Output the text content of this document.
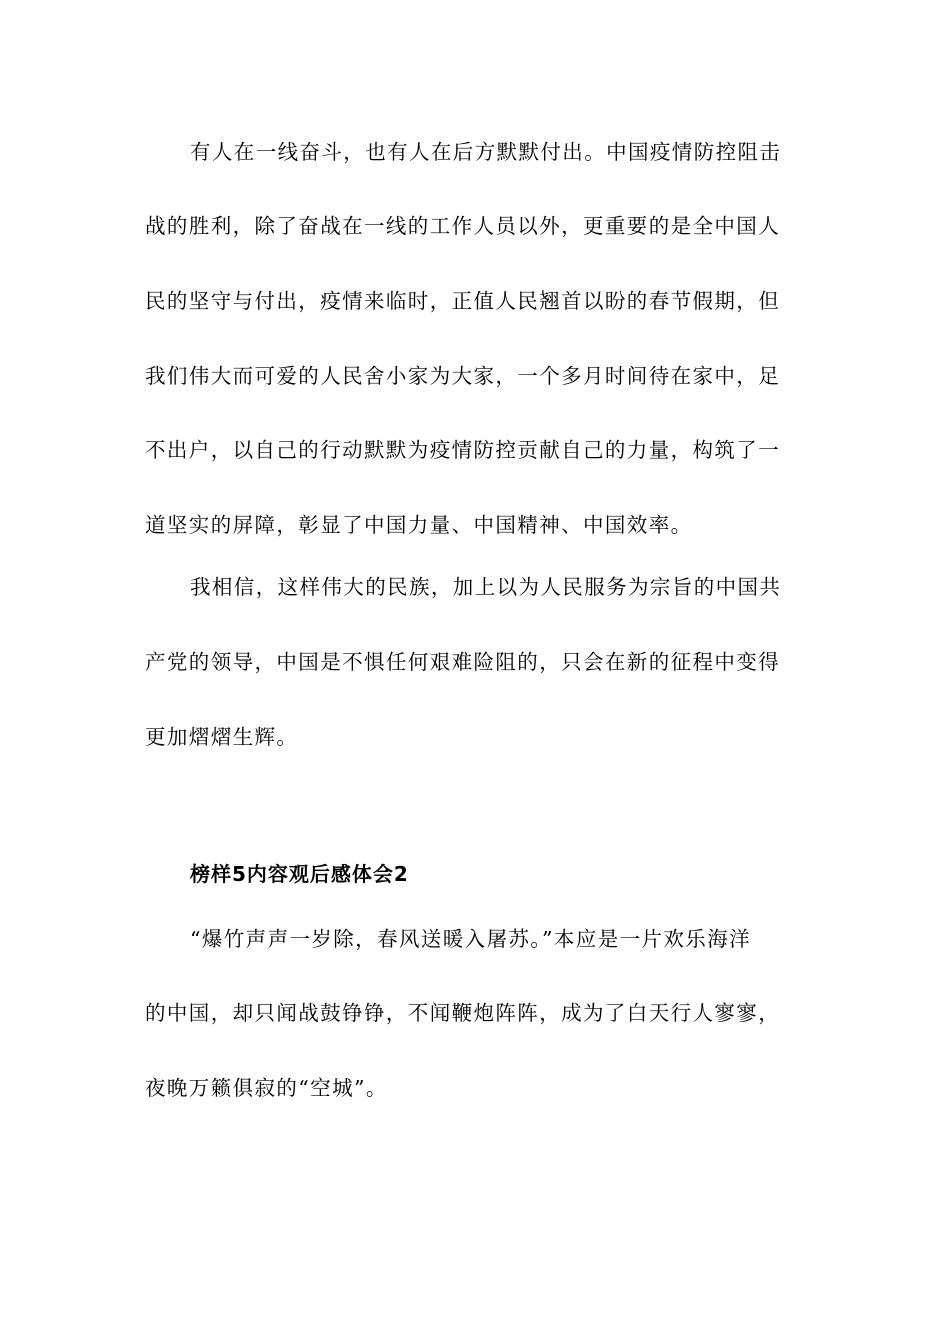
有人在一线奋斗，也有人在后方默默付出。中国疫情防控阻击
战的胜利，除了奋战在一线的工作人员以外，更重要的是全中国人
民的坚守与付出，疫情来临时，正值人民翘首以盼的春节假期，但
我们伟大而可爱的人民舍小家为大家，一个多月时间待在家中，足
不出户，以自己的行动默默为疫情防控贡献自己的力量，构筑了一
道坚实的屏障，彰显了中国力量、中国精神、中国效率。
我相信，这样伟大的民族，加上以为人民服务为宗旨的中国共
产党的领导，中国是不惧任何艰难险阻的，只会在新的征程中变得
更加熠熠生辉。
榜样5内容观后感体会2
“爆竹声声一岁除，春风送暖入屠苏。”本应是一片欢乐海洋
的中国，却只闻战鼓铮铮，不闻鞭炮阵阵，成为了白天行人寥寥，
夜晚万籁俱寂的“空城”。
